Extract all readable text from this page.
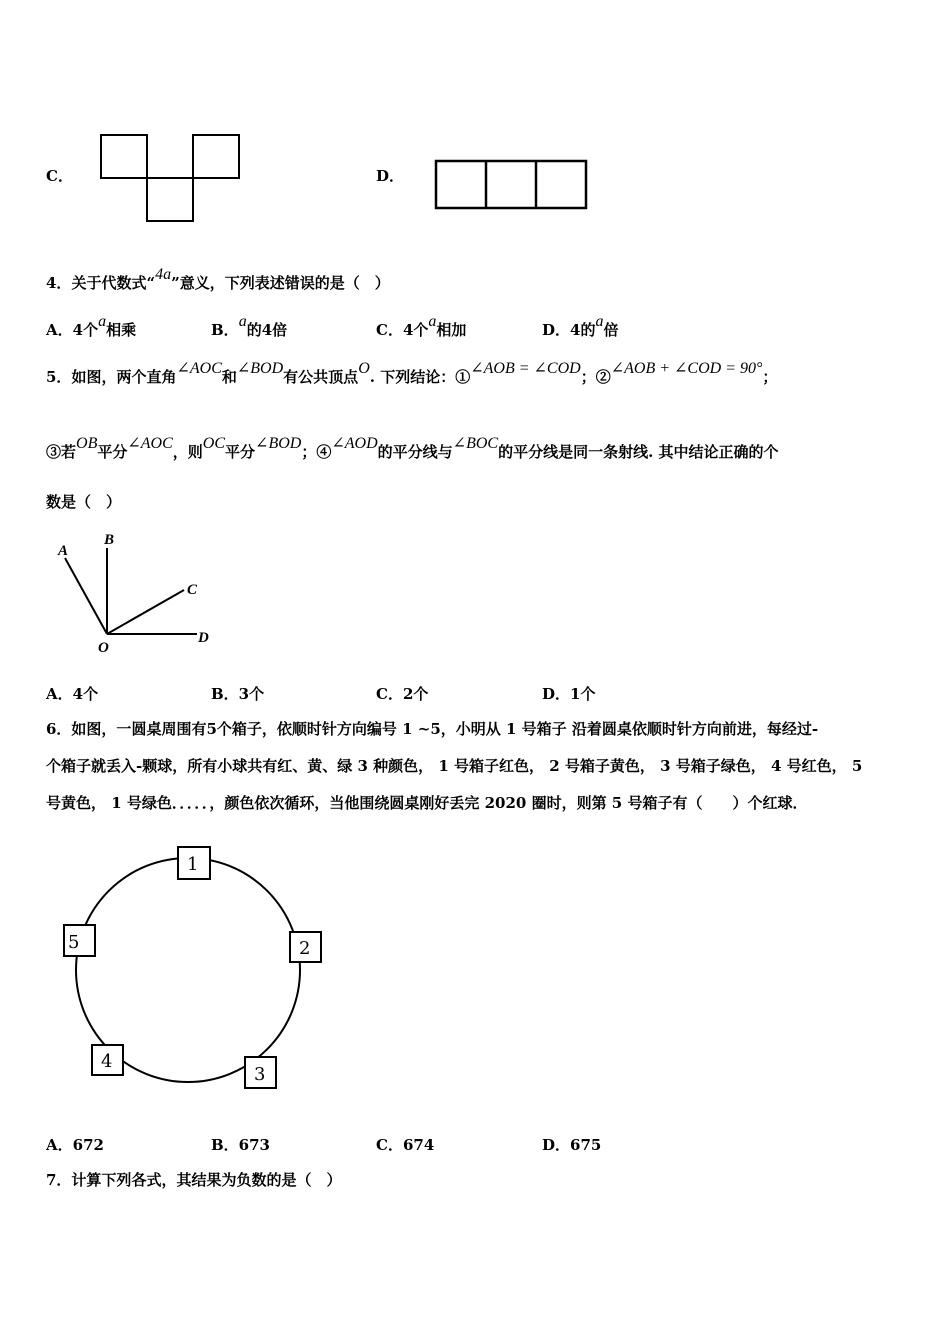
C．	D．
4．关于代数式“4a”意义，下列表述错误的是（　）
A．4个a相乘	B．a的4倍	C．4个a相加	D．4的a倍
5．如图，两个直角∠AOC和∠BOD有公共顶点O. 下列结论：①∠AOB = ∠COD；②∠AOB + ∠COD = 90°；
③若OB平分∠AOC，则OC平分∠BOD；④∠AOD的平分线与∠BOC的平分线是同一条射线. 其中结论正确的个
数是（　）
A
B
C
O
D
A．4个	B．3个	C．2个	D．1个
6．如图，一圆桌周围有5个箱子，依顺时针方向编号 1 ~5，小明从 1 号箱子 沿着圆桌依顺时针方向前进，每经过-
个箱子就丢入-颗球，所有小球共有红、黄、绿 3 种颜色， 1 号箱子红色， 2 号箱子黄色， 3 号箱子绿色， 4 号红色， 5
号黄色， 1 号绿色．．．．．，颜色依次循环，当他围绕圆桌刚好丢完 2020 圈时，则第 5 号箱子有（　　）个红球．
1
2
3
4
5
A．672	B．673	C．674	D．675
7．计算下列各式，其结果为负数的是（　）
